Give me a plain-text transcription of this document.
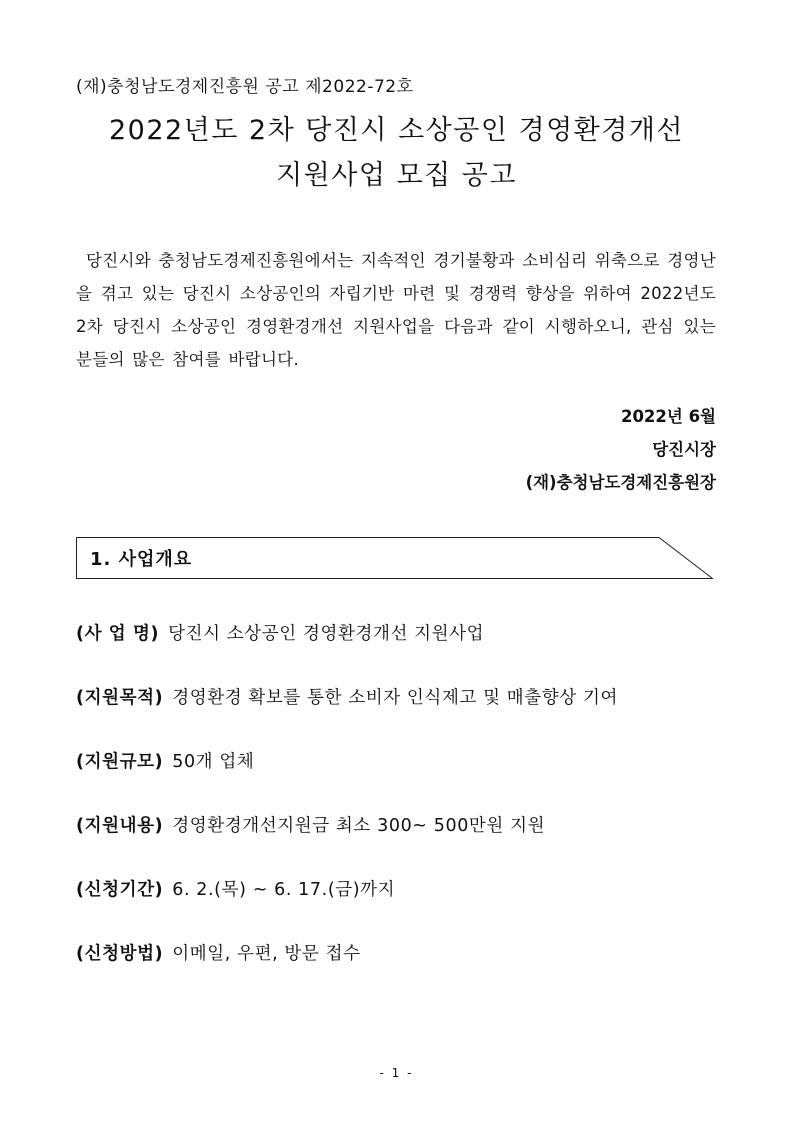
(재)충청남도경제진흥원 공고 제2022-72호
2022년도 2차 당진시 소상공인 경영환경개선
지원사업 모집 공고
당진시와 충청남도경제진흥원에서는 지속적인 경기불황과 소비심리 위축으로 경영난을 겪고 있는 당진시 소상공인의 자립기반 마련 및 경쟁력 향상을 위하여 2022년도 2차 당진시 소상공인 경영환경개선 지원사업을 다음과 같이 시행하오니, 관심 있는 분들의 많은 참여를 바랍니다.
2022년 6월
당진시장
(재)충청남도경제진흥원장
1. 사업개요
(사 업 명) 당진시 소상공인 경영환경개선 지원사업
(지원목적) 경영환경 확보를 통한 소비자 인식제고 및 매출향상 기여
(지원규모) 50개 업체
(지원내용) 경영환경개선지원금 최소 300~ 500만원 지원
(신청기간) 6. 2.(목) ~ 6. 17.(금)까지
(신청방법) 이메일, 우편, 방문 접수
- 1 -
